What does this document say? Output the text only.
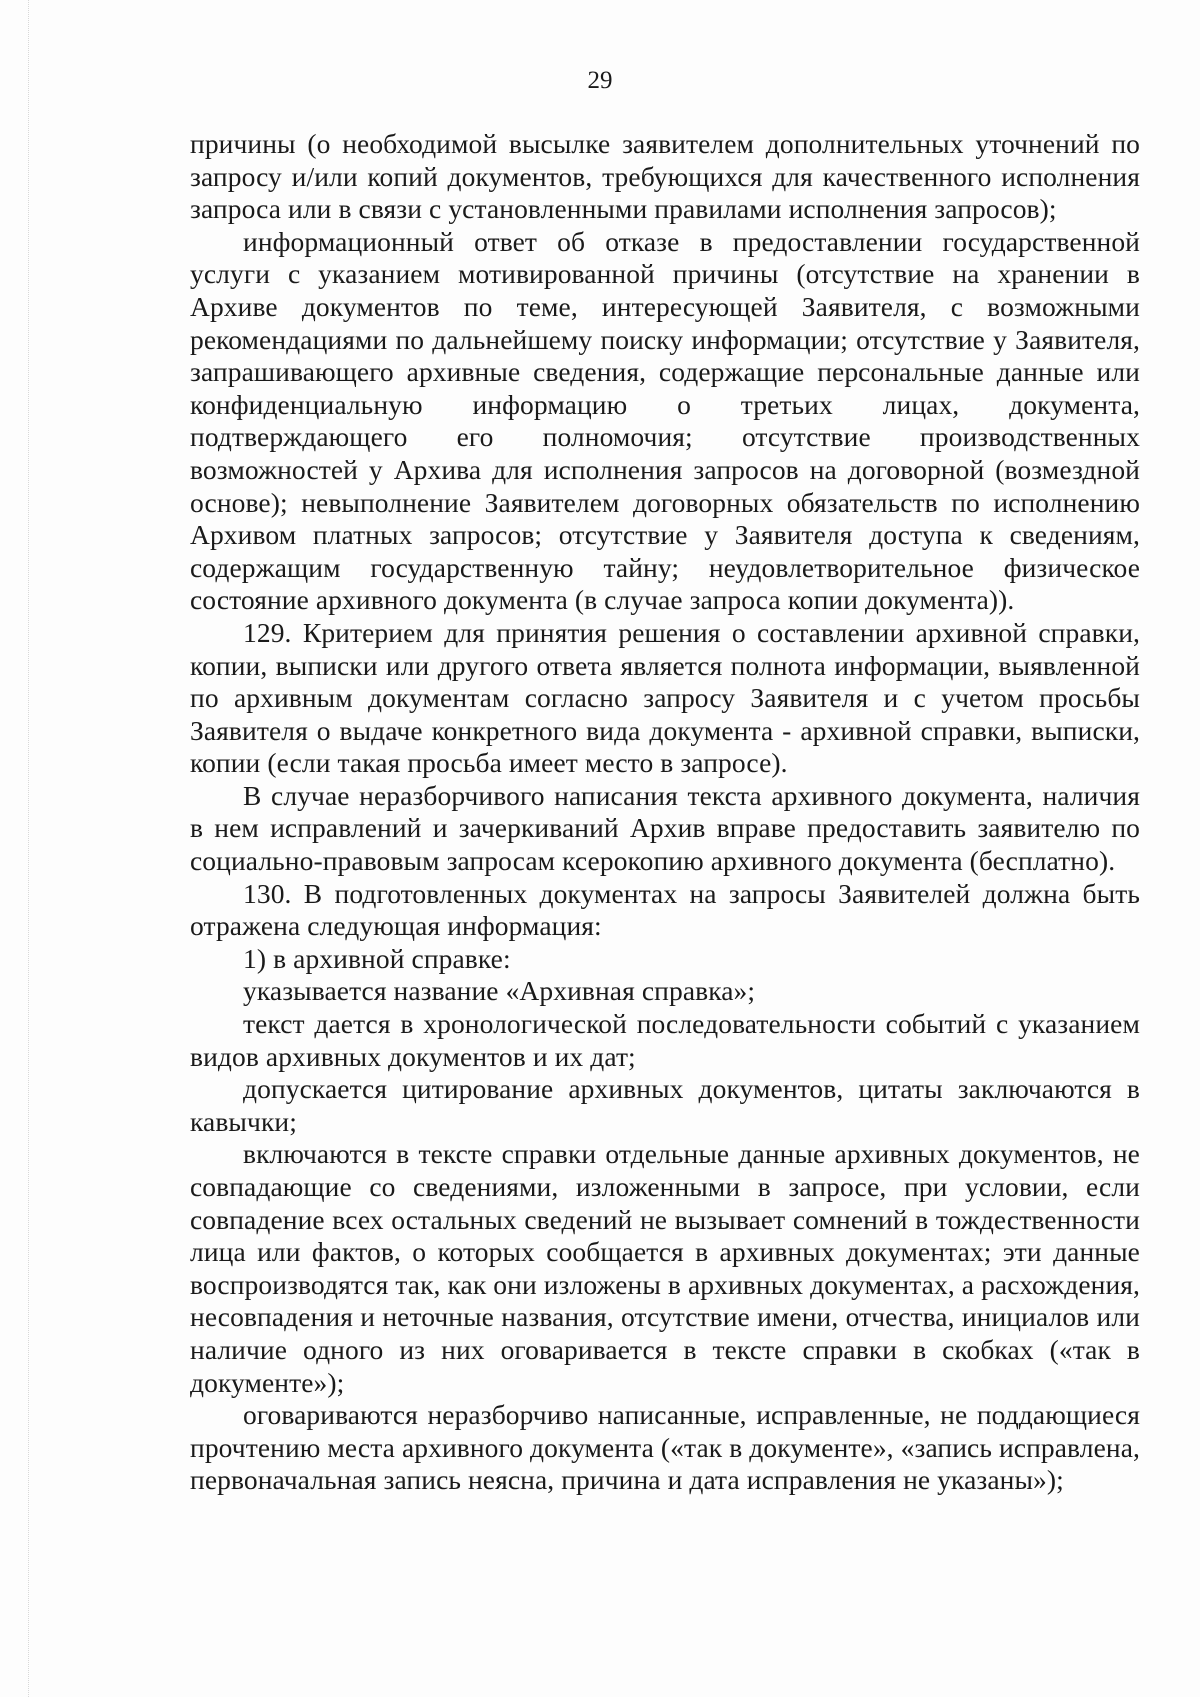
29

причины (о необходимой высылке заявителем дополнительных уточнений по запросу и/или копий документов, требующихся для качественного исполнения запроса или в связи с установленными правилами исполнения запросов);

информационный ответ об отказе в предоставлении государственной услуги с указанием мотивированной причины (отсутствие на хранении в Архиве документов по теме, интересующей Заявителя, с возможными рекомендациями по дальнейшему поиску информации; отсутствие у Заявителя, запрашивающего архивные сведения, содержащие персональные данные или конфиденциальную информацию о третьих лицах, документа, подтверждающего его полномочия; отсутствие производственных возможностей у Архива для исполнения запросов на договорной (возмездной основе); невыполнение Заявителем договорных обязательств по исполнению Архивом платных запросов; отсутствие у Заявителя доступа к сведениям, содержащим государственную тайну; неудовлетворительное физическое состояние архивного документа (в случае запроса копии документа)).

129. Критерием для принятия решения о составлении архивной справки, копии, выписки или другого ответа является полнота информации, выявленной по архивным документам согласно запросу Заявителя и с учетом просьбы Заявителя о выдаче конкретного вида документа - архивной справки, выписки, копии (если такая просьба имеет место в запросе).

В случае неразборчивого написания текста архивного документа, наличия в нем исправлений и зачеркиваний Архив вправе предоставить заявителю по социально-правовым запросам ксерокопию архивного документа (бесплатно).

130. В подготовленных документах на запросы Заявителей должна быть отражена следующая информация:

1) в архивной справке:

указывается название «Архивная справка»;

текст дается в хронологической последовательности событий с указанием видов архивных документов и их дат;

допускается цитирование архивных документов, цитаты заключаются в кавычки;

включаются в тексте справки отдельные данные архивных документов, не совпадающие со сведениями, изложенными в запросе, при условии, если совпадение всех остальных сведений не вызывает сомнений в тождественности лица или фактов, о которых сообщается в архивных документах; эти данные воспроизводятся так, как они изложены в архивных документах, а расхождения, несовпадения и неточные названия, отсутствие имени, отчества, инициалов или наличие одного из них оговаривается в тексте справки в скобках («так в документе»);

оговариваются неразборчиво написанные, исправленные, не поддающиеся прочтению места архивного документа («так в документе», «запись исправлена, первоначальная запись неясна, причина и дата исправления не указаны»);
